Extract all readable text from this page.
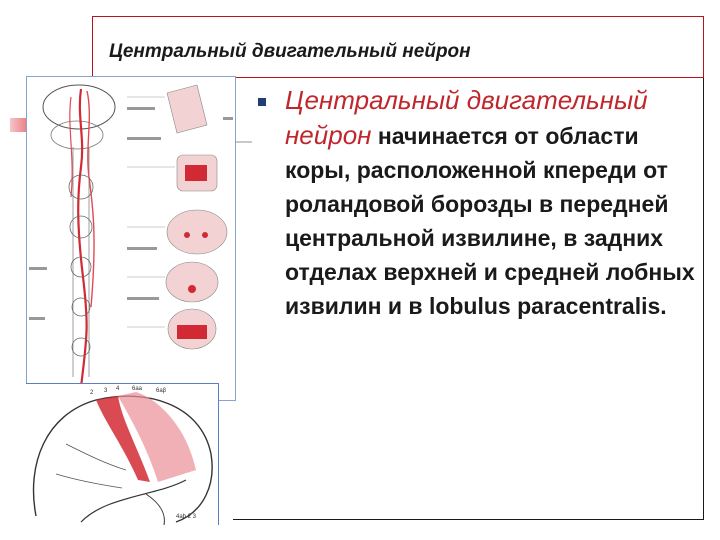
Центральный двигательный нейрон
Центральный двигательный нейрон начинается от области коры, расположенной кпереди от роландовой борозды в передней центральной извилине, в задних отделах верхней и средней лобных извилин и в lobulus paracentralis.
2 3 4 6аа 6аβ
4ab 2 3
